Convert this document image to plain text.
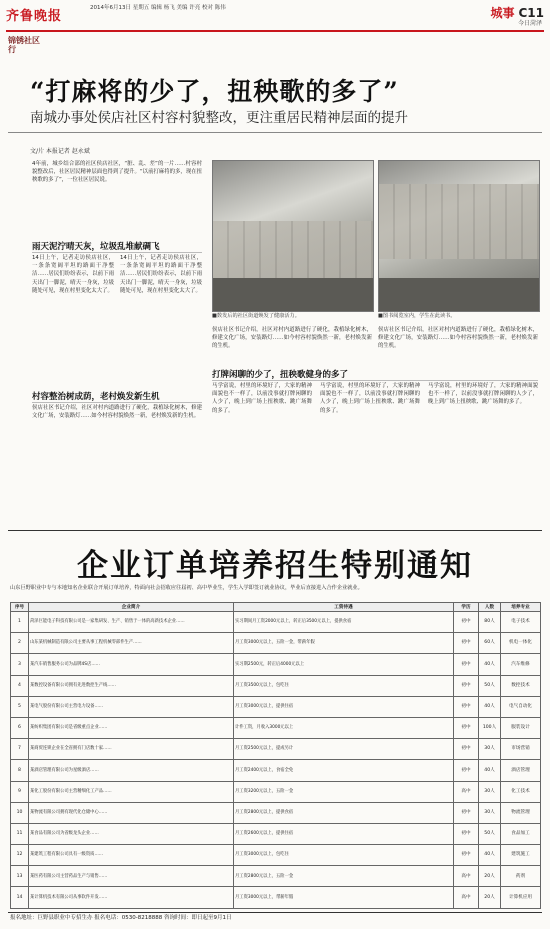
齐鲁晚报
2014年6月13日 星期五 编辑 杨飞 美编 许亮 校对 陈伟	城事 C11
今日菏泽
锦锈社区行
“打麻将的少了，扭秧歌的多了”
南城办事处侯店社区村容村貌整改，更注重居民精神层面的提升
文/片 本报记者 赵永斌
4年前，城乡结合部的社区侯店社区，“脏、乱、差”的一片……村容村貌整改后，社区居民精神层面也得到了提升。“以前打麻将的多，现在扭秧歌的多了”，一位社区居民说。
雨天泥泞晴天灰，垃圾乱堆献碉飞
14日上午，记者走访侯店社区，一条条宽阔平坦的路面干净整洁……居民们纷纷表示，以前下雨天出门一脚泥，晴天一身灰，垃圾随处可见，现在村里变化太大了。
14日上午，记者走访侯店社区，一条条宽阔平坦的路面干净整洁……居民们纷纷表示，以前下雨天出门一脚泥，晴天一身灰，垃圾随处可见，现在村里变化太大了。
村容整治树成荫，老村焕发新生机
侯店社区书记介绍，社区对村内道路进行了硬化，栽植绿化树木，修建文化广场，安装路灯……如今村容村貌焕然一新，老村焕发新的生机。
■数发后的社区街道焕发了健康活力。	■图书阅览室内，学生在此读书。
侯店社区书记介绍，社区对村内道路进行了硬化，栽植绿化树木，修建文化广场，安装路灯……如今村容村貌焕然一新，老村焕发新的生机。
侯店社区书记介绍，社区对村内道路进行了硬化，栽植绿化树木，修建文化广场，安装路灯……如今村容村貌焕然一新，老村焕发新的生机。
打牌闲聊的少了，扭秧歌健身的多了
马学富说，村里的环境好了，大家的精神面貌也不一样了，以前没事就打牌闲聊的人少了，晚上到广场上扭秧歌、跳广场舞的多了。
马学富说，村里的环境好了，大家的精神面貌也不一样了，以前没事就打牌闲聊的人少了，晚上到广场上扭秧歌、跳广场舞的多了。
马学富说，村里的环境好了，大家的精神面貌也不一样了，以前没事就打牌闲聊的人少了，晚上到广场上扭秧歌、跳广场舞的多了。
企业订单培养招生特别通知
山东巨野职业中专与本地知名企业联合开展订单培养，特面向社会招收应往届初、高中毕业生，学生入学即签订就业协议，毕业后直接进入合作企业就业。
序号	企业简介	工资待遇	学历	人数	培养专业
1	菏泽巨能电子科技有限公司是一家集研发、生产、销售于一体的高新技术企业……	实习期间月工资2000元以上，转正后3500元以上，提供食宿	初中	80人	电子技术
2	山东某机械制造有限公司主要从事工程机械零部件生产……	月工资3000元以上，五险一金，带薪年假	初中	60人	机电一体化
3	某汽车销售服务公司为品牌4S店……	实习期2500元，转正后4000元以上	初中	40人	汽车维修
4	某数控设备有限公司拥有先进数控生产线……	月工资3500元以上，包吃住	初中	50人	数控技术
5	某电气股份有限公司主营电力设备……	月工资3000元以上，提供住宿	初中	40人	电气自动化
6	某纺织集团有限公司是省级重点企业……	计件工资，月收入3000元以上	初中	100人	服装设计
7	某商贸连锁企业在全省拥有门店数十家……	月工资2500元以上，提成另计	初中	30人	市场营销
8	某酒店管理有限公司为星级酒店……	月工资2400元以上，食宿全免	初中	40人	酒店管理
9	某化工股份有限公司主营精细化工产品……	月工资3200元以上，五险一金	高中	30人	化工技术
10	某物流有限公司拥有现代化仓储中心……	月工资2800元以上，提供食宿	初中	30人	物流管理
11	某食品有限公司为省级龙头企业……	月工资2600元以上，提供住宿	初中	50人	食品加工
12	某建筑工程有限公司具有一级资质……	月工资3000元以上，包吃住	初中	40人	建筑施工
13	某医药有限公司主营药品生产与销售……	月工资2800元以上，五险一金	高中	20人	药剂
14	某计算机技术有限公司从事软件开发……	月工资3000元以上，带薪年假	高中	20人	计算机应用
报名地址：巨野县职业中专招生办 报名电话：0530-8218888 咨询时间：即日起至9月1日
